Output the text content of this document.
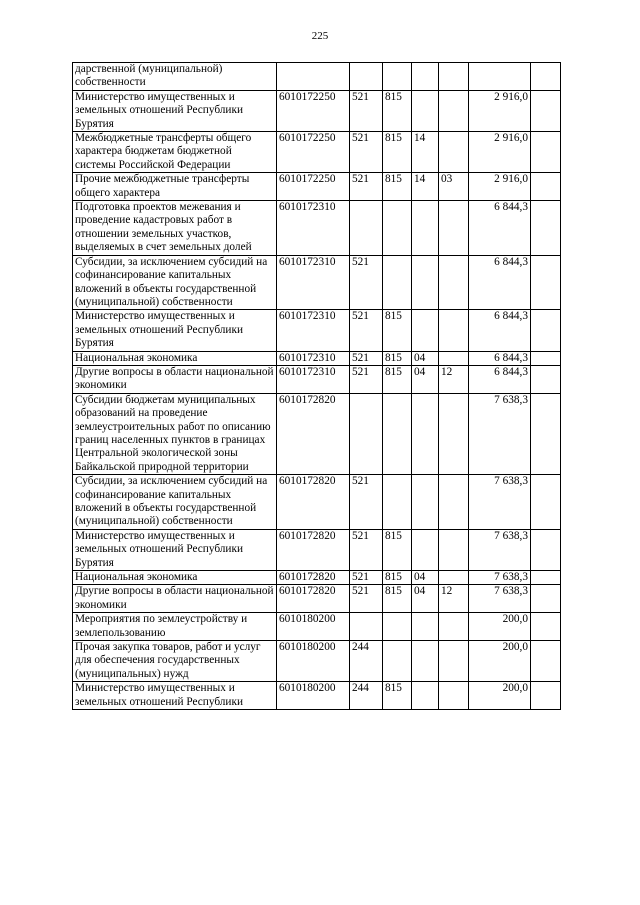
225
дарственной (муниципальной) собственности							
Министерство имущественных и земельных отношений Республики Бурятия	6010172250	521	815			2 916,0	
Межбюджетные трансферты общего характера бюджетам бюджетной системы Российской Федерации	6010172250	521	815	14		2 916,0	
Прочие межбюджетные трансферты общего характера	6010172250	521	815	14	03	2 916,0	
Подготовка проектов межевания и проведение кадастровых работ в отношении земельных участков, выделяемых в счет земельных долей	6010172310					6 844,3	
Субсидии, за исключением субсидий на софинансирование капитальных вложений в объекты государственной (муниципальной) собственности	6010172310	521				6 844,3	
Министерство имущественных и земельных отношений Республики Бурятия	6010172310	521	815			6 844,3	
Национальная экономика	6010172310	521	815	04		6 844,3	
Другие вопросы в области национальной экономики	6010172310	521	815	04	12	6 844,3	
Субсидии бюджетам муниципальных образований на проведение землеустроительных работ по описанию границ населенных пунктов в границах Центральной экологической зоны Байкальской природной территории	6010172820					7 638,3	
Субсидии, за исключением субсидий на софинансирование капитальных вложений в объекты государственной (муниципальной) собственности	6010172820	521				7 638,3	
Министерство имущественных и земельных отношений Республики Бурятия	6010172820	521	815			7 638,3	
Национальная экономика	6010172820	521	815	04		7 638,3	
Другие вопросы в области национальной экономики	6010172820	521	815	04	12	7 638,3	
Мероприятия по землеустройству и землепользованию	6010180200					200,0	
Прочая закупка товаров, работ и услуг для обеспечения государственных (муниципальных) нужд	6010180200	244				200,0	
Министерство имущественных и земельных отношений Республики	6010180200	244	815			200,0	
